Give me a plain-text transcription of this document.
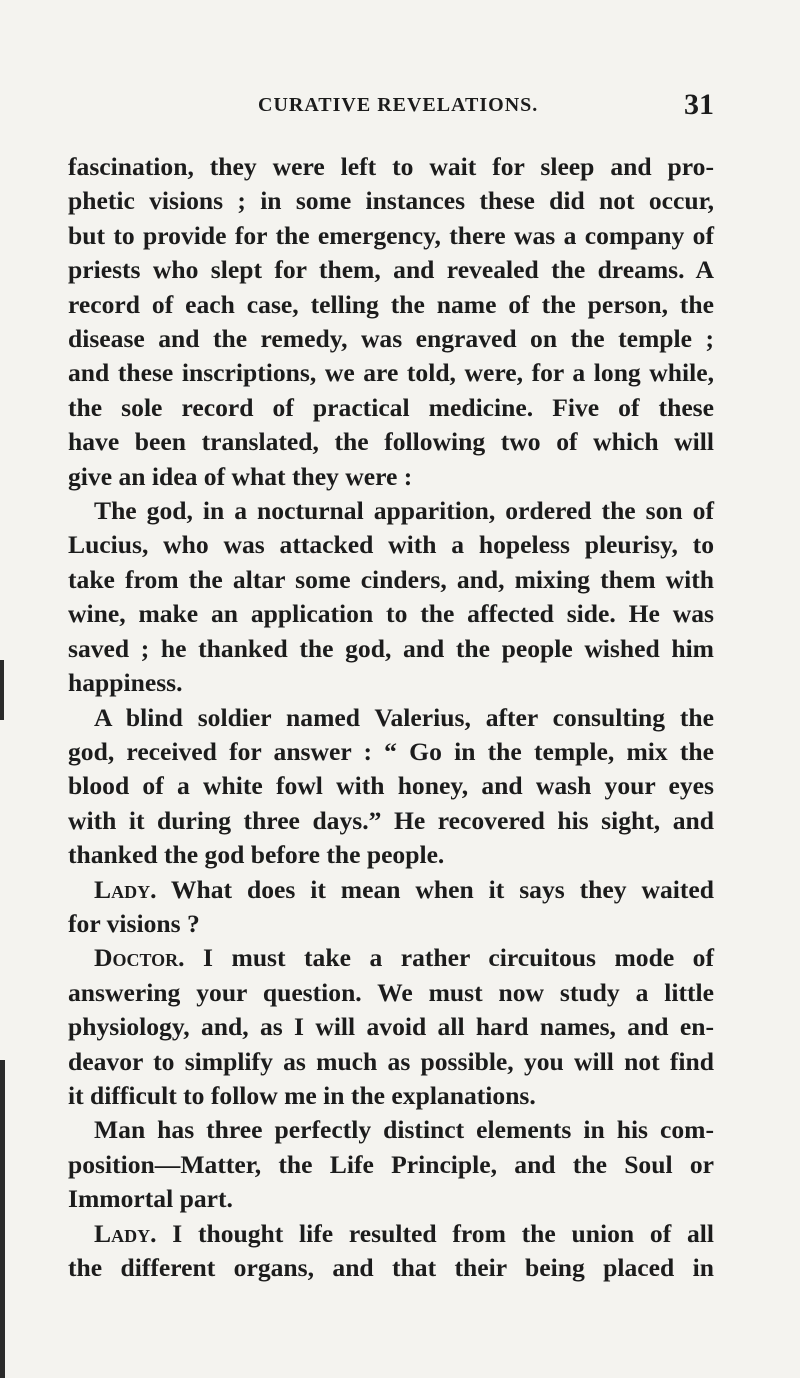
CURATIVE REVELATIONS.	31
fascination, they were left to wait for sleep and pro-
phetic visions ; in some instances these did not occur,
but to provide for the emergency, there was a company of
priests who slept for them, and revealed the dreams. A
record of each case, telling the name of the person, the
disease and the remedy, was engraved on the temple ;
and these inscriptions, we are told, were, for a long while,
the sole record of practical medicine. Five of these
have been translated, the following two of which will
give an idea of what they were :
The god, in a nocturnal apparition, ordered the son of
Lucius, who was attacked with a hopeless pleurisy, to
take from the altar some cinders, and, mixing them with
wine, make an application to the affected side. He was
saved ; he thanked the god, and the people wished him
happiness.
A blind soldier named Valerius, after consulting the
god, received for answer : “ Go in the temple, mix the
blood of a white fowl with honey, and wash your eyes
with it during three days.” He recovered his sight, and
thanked the god before the people.
Lady. What does it mean when it says they waited
for visions ?
Doctor. I must take a rather circuitous mode of
answering your question. We must now study a little
physiology, and, as I will avoid all hard names, and en-
deavor to simplify as much as possible, you will not find
it difficult to follow me in the explanations.
Man has three perfectly distinct elements in his com-
position—Matter, the Life Principle, and the Soul or
Immortal part.
Lady. I thought life resulted from the union of all
the different organs, and that their being placed in
